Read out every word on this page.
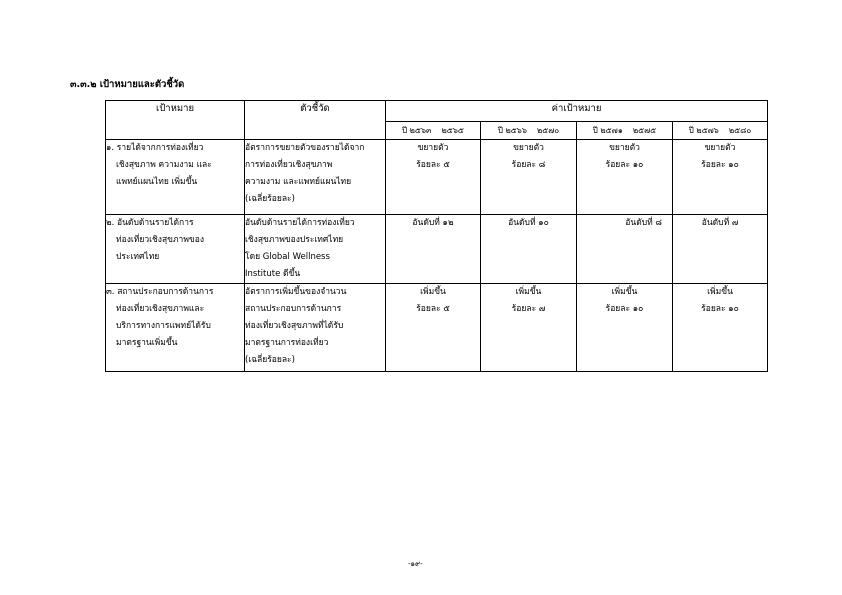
๓.๓.๒ เป้าหมายและตัวชี้วัด
เป้าหมาย	ตัวชี้วัด	ค่าเป้าหมาย			
		ปี ๒๕๖๓ ๒๕๖๕	ปี ๒๕๖๖ ๒๕๗๐	ปี ๒๕๗๑ ๒๕๗๕	ปี ๒๕๗๖ ๒๕๘๐

๑. รายได้จากการท่องเที่ยว
เชิงสุขภาพ ความงาม และ
แพทย์แผนไทย เพิ่มขึ้น	อัตราการขยายตัวของรายได้จาก
การท่องเที่ยวเชิงสุขภาพ
ความงาม และแพทย์แผนไทย
(เฉลี่ยร้อยละ)	ขยายตัว
ร้อยละ ๕	ขยายตัว
ร้อยละ ๘	ขยายตัว
ร้อยละ ๑๐	ขยายตัว
ร้อยละ ๑๐

๒. อันดับด้านรายได้การ
ท่องเที่ยวเชิงสุขภาพของ
ประเทศไทย	อันดับด้านรายได้การท่องเที่ยว
เชิงสุขภาพของประเทศไทย
โดย Global Wellness
Institute ดีขึ้น	อันดับที่ ๑๒	อันดับที่ ๑๐	อันดับที่ ๘	อันดับที่ ๗

๓. สถานประกอบการด้านการ
ท่องเที่ยวเชิงสุขภาพและ
บริการทางการแพทย์ได้รับ
มาตรฐานเพิ่มขึ้น	อัตราการเพิ่มขึ้นของจำนวน
สถานประกอบการด้านการ
ท่องเที่ยวเชิงสุขภาพที่ได้รับ
มาตรฐานการท่องเที่ยว
(เฉลี่ยร้อยละ)	เพิ่มขึ้น
ร้อยละ ๕	เพิ่มขึ้น
ร้อยละ ๗	เพิ่มขึ้น
ร้อยละ ๑๐	เพิ่มขึ้น
ร้อยละ ๑๐
-๑๙-
